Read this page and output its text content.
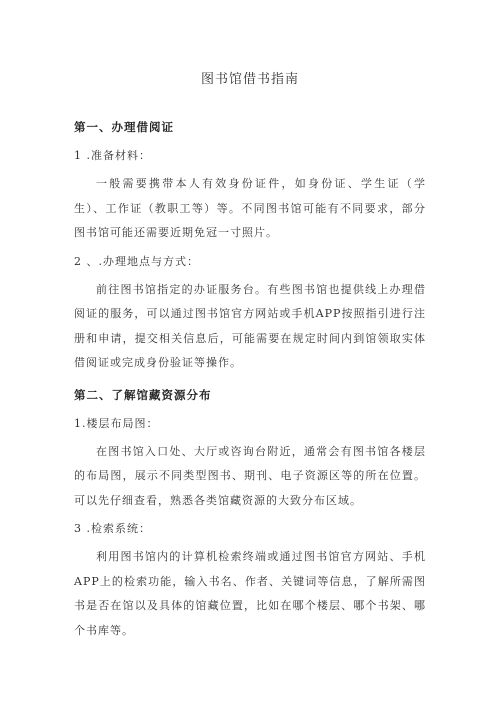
图书馆借书指南

第一、办理借阅证

1 .准备材料：

一般需要携带本人有效身份证件，如身份证、学生证（学生）、工作证（教职工等）等。不同图书馆可能有不同要求，部分图书馆可能还需要近期免冠一寸照片。

2 、.办理地点与方式：

前往图书馆指定的办证服务台。有些图书馆也提供线上办理借阅证的服务，可以通过图书馆官方网站或手机APP按照指引进行注册和申请，提交相关信息后，可能需要在规定时间内到馆领取实体借阅证或完成身份验证等操作。

第二、了解馆藏资源分布

1.楼层布局图：

在图书馆入口处、大厅或咨询台附近，通常会有图书馆各楼层的布局图，展示不同类型图书、期刊、电子资源区等的所在位置。可以先仔细查看，熟悉各类馆藏资源的大致分布区域。

3 .检索系统：

利用图书馆内的计算机检索终端或通过图书馆官方网站、手机APP上的检索功能，输入书名、作者、关键词等信息，了解所需图书是否在馆以及具体的馆藏位置，比如在哪个楼层、哪个书架、哪个书库等。
